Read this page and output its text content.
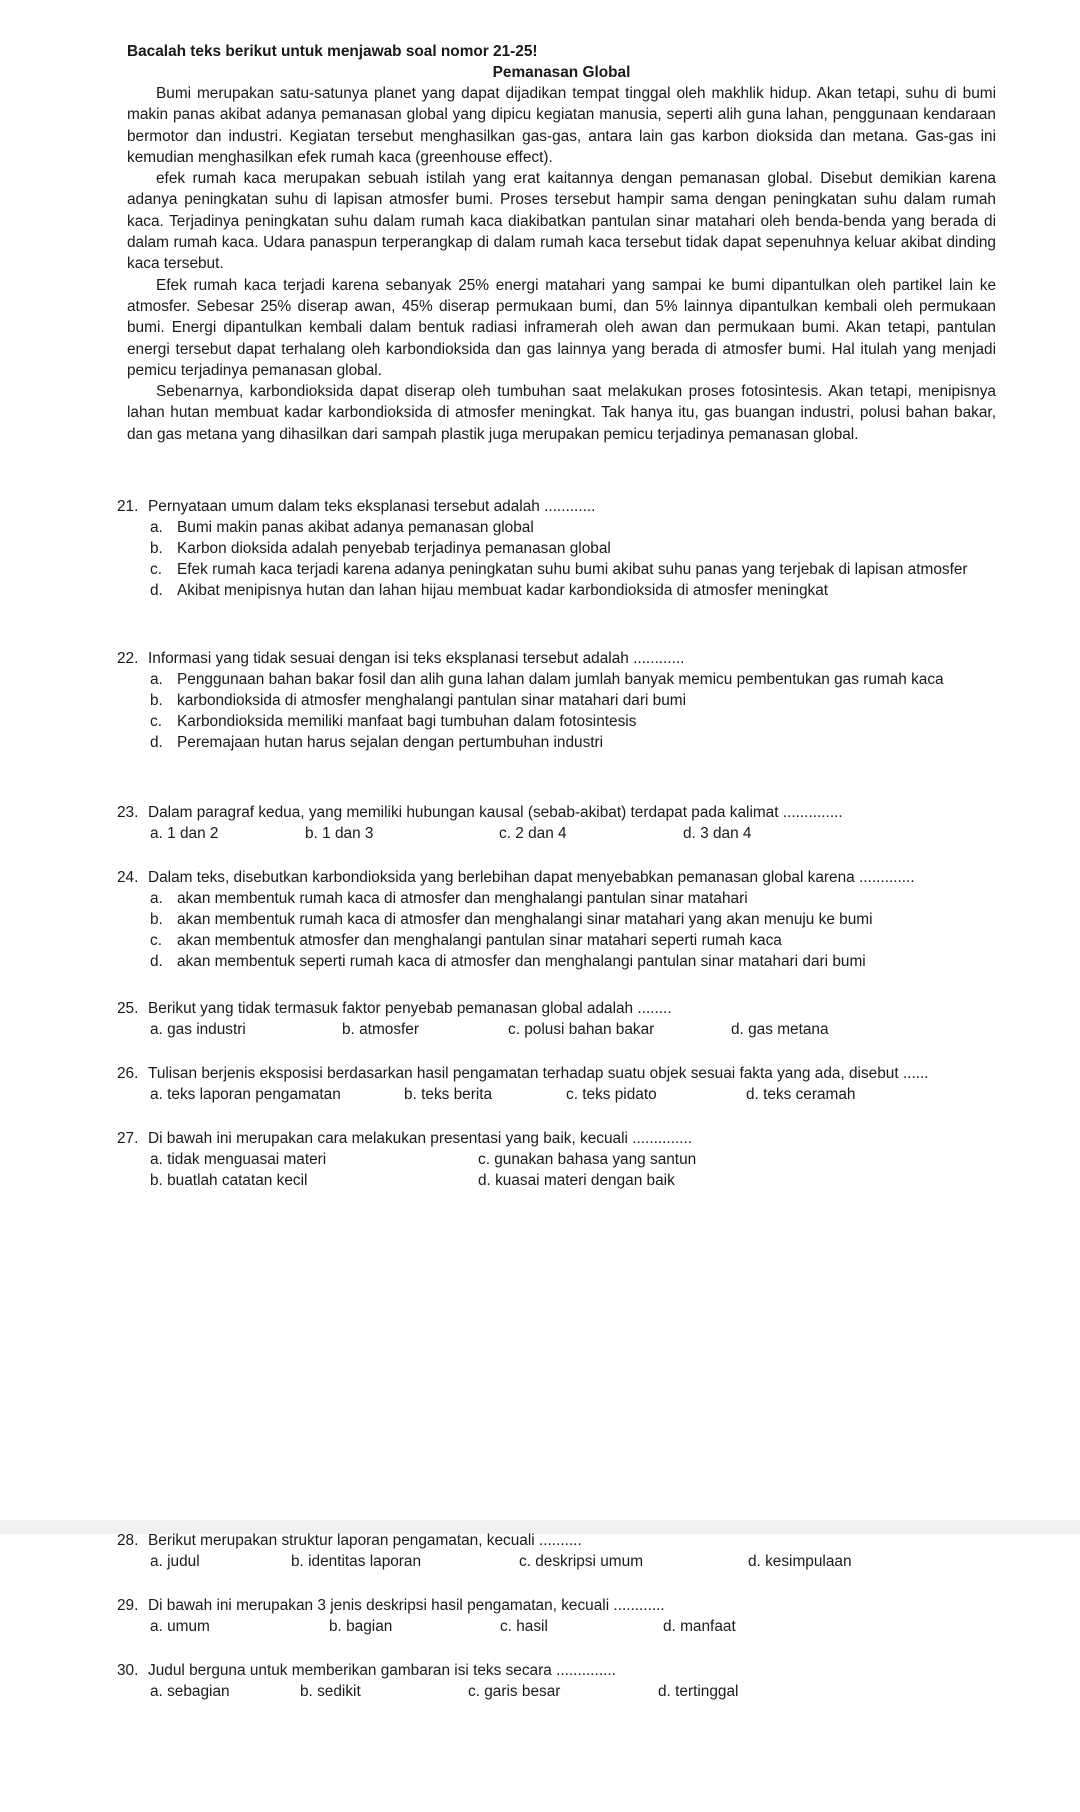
Bacalah teks berikut untuk menjawab soal nomor 21-25!

Pemanasan Global

Bumi merupakan satu-satunya planet yang dapat dijadikan tempat tinggal oleh makhlik hidup. Akan tetapi, suhu di bumi makin panas akibat adanya pemanasan global yang dipicu kegiatan manusia, seperti alih guna lahan, penggunaan kendaraan bermotor dan industri. Kegiatan tersebut menghasilkan gas-gas, antara lain gas karbon dioksida dan metana. Gas-gas ini kemudian menghasilkan efek rumah kaca (greenhouse effect).

efek rumah kaca merupakan sebuah istilah yang erat kaitannya dengan pemanasan global. Disebut demikian karena adanya peningkatan suhu di lapisan atmosfer bumi. Proses tersebut hampir sama dengan peningkatan suhu dalam rumah kaca. Terjadinya peningkatan suhu dalam rumah kaca diakibatkan pantulan sinar matahari oleh benda-benda yang berada di dalam rumah kaca. Udara panaspun terperangkap di dalam rumah kaca tersebut tidak dapat sepenuhnya keluar akibat dinding kaca tersebut.

Efek rumah kaca terjadi karena sebanyak 25% energi matahari yang sampai ke bumi dipantulkan oleh partikel lain ke atmosfer. Sebesar 25% diserap awan, 45% diserap permukaan bumi, dan 5% lainnya dipantulkan kembali oleh permukaan bumi. Energi dipantulkan kembali dalam bentuk radiasi inframerah oleh awan dan permukaan bumi. Akan tetapi, pantulan energi tersebut dapat terhalang oleh karbondioksida dan gas lainnya yang berada di atmosfer bumi. Hal itulah yang menjadi pemicu terjadinya pemanasan global.

Sebenarnya, karbondioksida dapat diserap oleh tumbuhan saat melakukan proses fotosintesis. Akan tetapi, menipisnya lahan hutan membuat kadar karbondioksida di atmosfer meningkat. Tak hanya itu, gas buangan industri, polusi bahan bakar, dan gas metana yang dihasilkan dari sampah plastik juga merupakan pemicu terjadinya pemanasan global.

21. Pernyataan umum dalam teks eksplanasi tersebut adalah ............
a. Bumi makin panas akibat adanya pemanasan global
b. Karbon dioksida adalah penyebab terjadinya pemanasan global
c. Efek rumah kaca terjadi karena adanya peningkatan suhu bumi akibat suhu panas yang terjebak di lapisan atmosfer
d. Akibat menipisnya hutan dan lahan hijau membuat kadar karbondioksida di atmosfer meningkat
22. Informasi yang tidak sesuai dengan isi teks eksplanasi tersebut adalah ............
a. Penggunaan bahan bakar fosil dan alih guna lahan dalam jumlah banyak memicu pembentukan gas rumah kaca
b. karbondioksida di atmosfer menghalangi pantulan sinar matahari dari bumi
c. Karbondioksida memiliki manfaat bagi tumbuhan dalam fotosintesis
d. Peremajaan hutan harus sejalan dengan pertumbuhan industri
23. Dalam paragraf kedua, yang memiliki hubungan kausal (sebab-akibat) terdapat pada kalimat ..............
a. 1 dan 2	b. 1 dan 3	c. 2 dan 4	d. 3 dan 4
24. Dalam teks, disebutkan karbondioksida yang berlebihan dapat menyebabkan pemanasan global karena .............
a. akan membentuk rumah kaca di atmosfer dan menghalangi pantulan sinar matahari
b. akan membentuk rumah kaca di atmosfer dan menghalangi sinar matahari yang akan menuju ke bumi
c. akan membentuk atmosfer dan menghalangi pantulan sinar matahari seperti rumah kaca
d. akan membentuk seperti rumah kaca di atmosfer dan menghalangi pantulan sinar matahari dari bumi
25. Berikut yang tidak termasuk faktor penyebab pemanasan global adalah ........
a. gas industri	b. atmosfer	c. polusi bahan bakar	d. gas metana
26. Tulisan berjenis eksposisi berdasarkan hasil pengamatan terhadap suatu objek sesuai fakta yang ada, disebut ......
a. teks laporan pengamatan	b. teks berita	c. teks pidato	d. teks ceramah
27. Di bawah ini merupakan cara melakukan presentasi yang baik, kecuali ..............
a. tidak menguasai materi	c. gunakan bahasa yang santun
b. buatlah catatan kecil	d. kuasai materi dengan baik
28. Berikut merupakan struktur laporan pengamatan, kecuali ..........
a. judul	b. identitas laporan	c. deskripsi umum	d. kesimpulaan
29. Di bawah ini merupakan 3 jenis deskripsi hasil pengamatan, kecuali ............
a. umum	b. bagian	c. hasil	d. manfaat
30. Judul berguna untuk memberikan gambaran isi teks secara ..............
a. sebagian	b. sedikit	c. garis besar	d. tertinggal
